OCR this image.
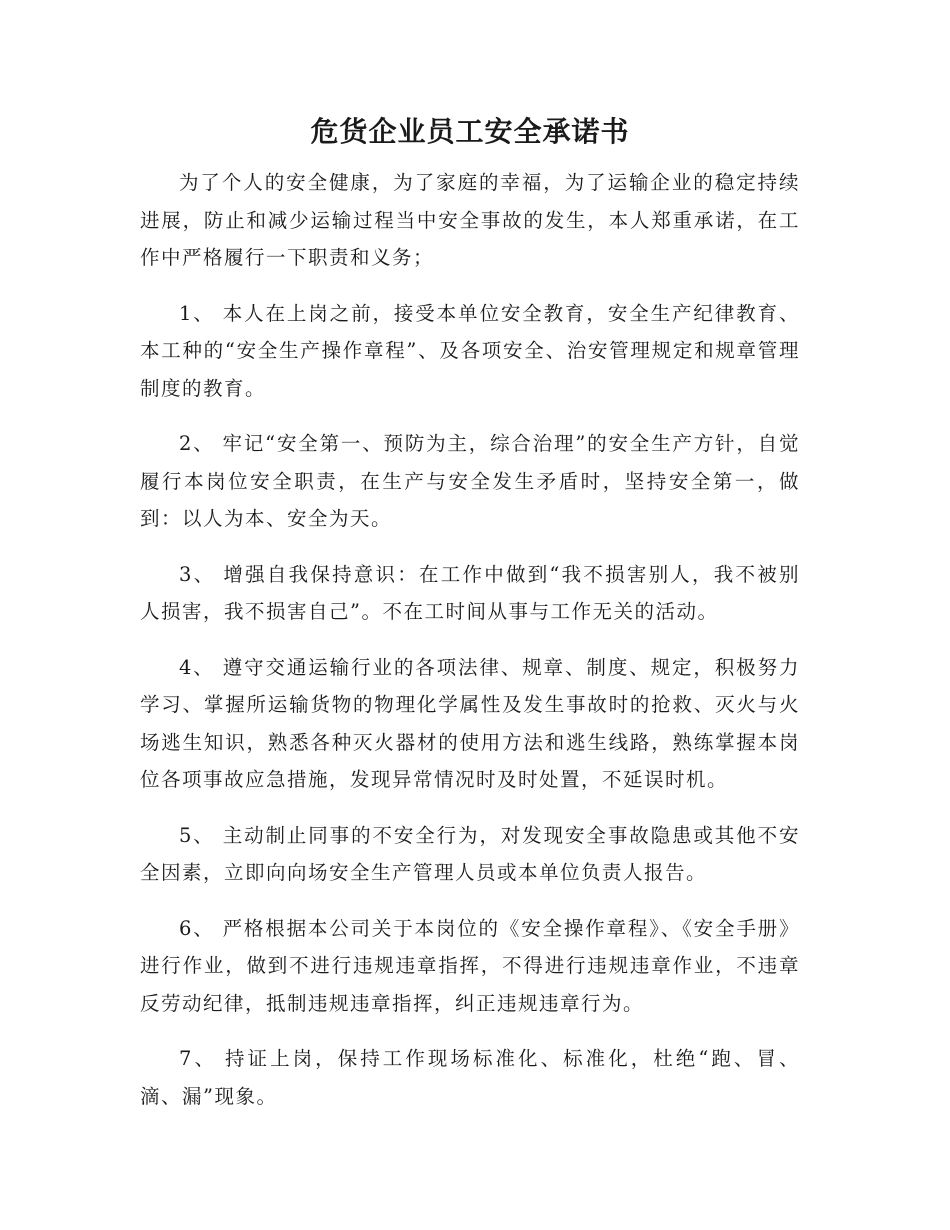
危货企业员工安全承诺书

为了个人的安全健康，为了家庭的幸福，为了运输企业的稳定持续进展，防止和减少运输过程当中安全事故的发生，本人郑重承诺，在工作中严格履行一下职责和义务；

1、 本人在上岗之前，接受本单位安全教育，安全生产纪律教育、本工种的“安全生产操作章程”、及各项安全、治安管理规定和规章管理制度的教育。

2、 牢记“安全第一、预防为主，综合治理”的安全生产方针，自觉履行本岗位安全职责，在生产与安全发生矛盾时，坚持安全第一，做到：以人为本、安全为天。

3、 增强自我保持意识：在工作中做到“我不损害别人，我不被别人损害，我不损害自己”。不在工时间从事与工作无关的活动。

4、 遵守交通运输行业的各项法律、规章、制度、规定，积极努力学习、掌握所运输货物的物理化学属性及发生事故时的抢救、灭火与火场逃生知识，熟悉各种灭火器材的使用方法和逃生线路，熟练掌握本岗位各项事故应急措施，发现异常情况时及时处置，不延误时机。

5、 主动制止同事的不安全行为，对发现安全事故隐患或其他不安全因素，立即向向场安全生产管理人员或本单位负责人报告。

6、 严格根据本公司关于本岗位的《安全操作章程》、《安全手册》进行作业，做到不进行违规违章指挥，不得进行违规违章作业，不违章反劳动纪律，抵制违规违章指挥，纠正违规违章行为。

7、 持证上岗，保持工作现场标准化、标准化，杜绝“跑、冒、滴、漏”现象。
